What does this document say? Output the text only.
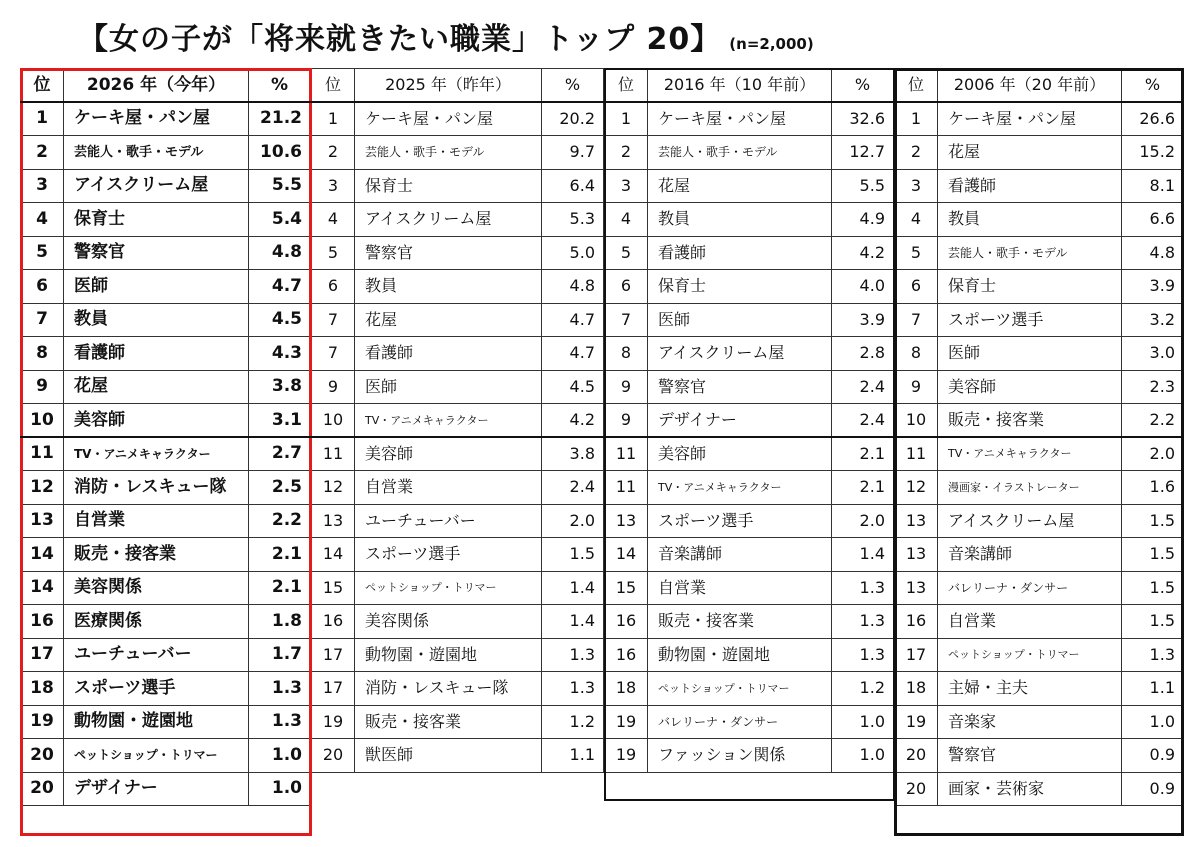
【女の子が「将来就きたい職業」トップ 20】 (n=2,000)
位	2026 年（今年）	%
1	ケーキ屋・パン屋	21.2
2	芸能人・歌手・モデル	10.6
3	アイスクリーム屋	5.5
4	保育士	5.4
5	警察官	4.8
6	医師	4.7
7	教員	4.5
8	看護師	4.3
9	花屋	3.8
10	美容師	3.1
11	TV・アニメキャラクター	2.7
12	消防・レスキュー隊	2.5
13	自営業	2.2
14	販売・接客業	2.1
14	美容関係	2.1
16	医療関係	1.8
17	ユーチューバー	1.7
18	スポーツ選手	1.3
19	動物園・遊園地	1.3
20	ペットショップ・トリマー	1.0
20	デザイナー	1.0
位	2025 年（昨年）	%
1	ケーキ屋・パン屋	20.2
2	芸能人・歌手・モデル	9.7
3	保育士	6.4
4	アイスクリーム屋	5.3
5	警察官	5.0
6	教員	4.8
7	花屋	4.7
7	看護師	4.7
9	医師	4.5
10	TV・アニメキャラクター	4.2
11	美容師	3.8
12	自営業	2.4
13	ユーチューバー	2.0
14	スポーツ選手	1.5
15	ペットショップ・トリマー	1.4
16	美容関係	1.4
17	動物園・遊園地	1.3
17	消防・レスキュー隊	1.3
19	販売・接客業	1.2
20	獣医師	1.1
位	2016 年（10 年前）	%
1	ケーキ屋・パン屋	32.6
2	芸能人・歌手・モデル	12.7
3	花屋	5.5
4	教員	4.9
5	看護師	4.2
6	保育士	4.0
7	医師	3.9
8	アイスクリーム屋	2.8
9	警察官	2.4
9	デザイナー	2.4
11	美容師	2.1
11	TV・アニメキャラクター	2.1
13	スポーツ選手	2.0
14	音楽講師	1.4
15	自営業	1.3
16	販売・接客業	1.3
16	動物園・遊園地	1.3
18	ペットショップ・トリマー	1.2
19	バレリーナ・ダンサー	1.0
19	ファッション関係	1.0
位	2006 年（20 年前）	%
1	ケーキ屋・パン屋	26.6
2	花屋	15.2
3	看護師	8.1
4	教員	6.6
5	芸能人・歌手・モデル	4.8
6	保育士	3.9
7	スポーツ選手	3.2
8	医師	3.0
9	美容師	2.3
10	販売・接客業	2.2
11	TV・アニメキャラクター	2.0
12	漫画家・イラストレーター	1.6
13	アイスクリーム屋	1.5
13	音楽講師	1.5
13	バレリーナ・ダンサー	1.5
16	自営業	1.5
17	ペットショップ・トリマー	1.3
18	主婦・主夫	1.1
19	音楽家	1.0
20	警察官	0.9
20	画家・芸術家	0.9
